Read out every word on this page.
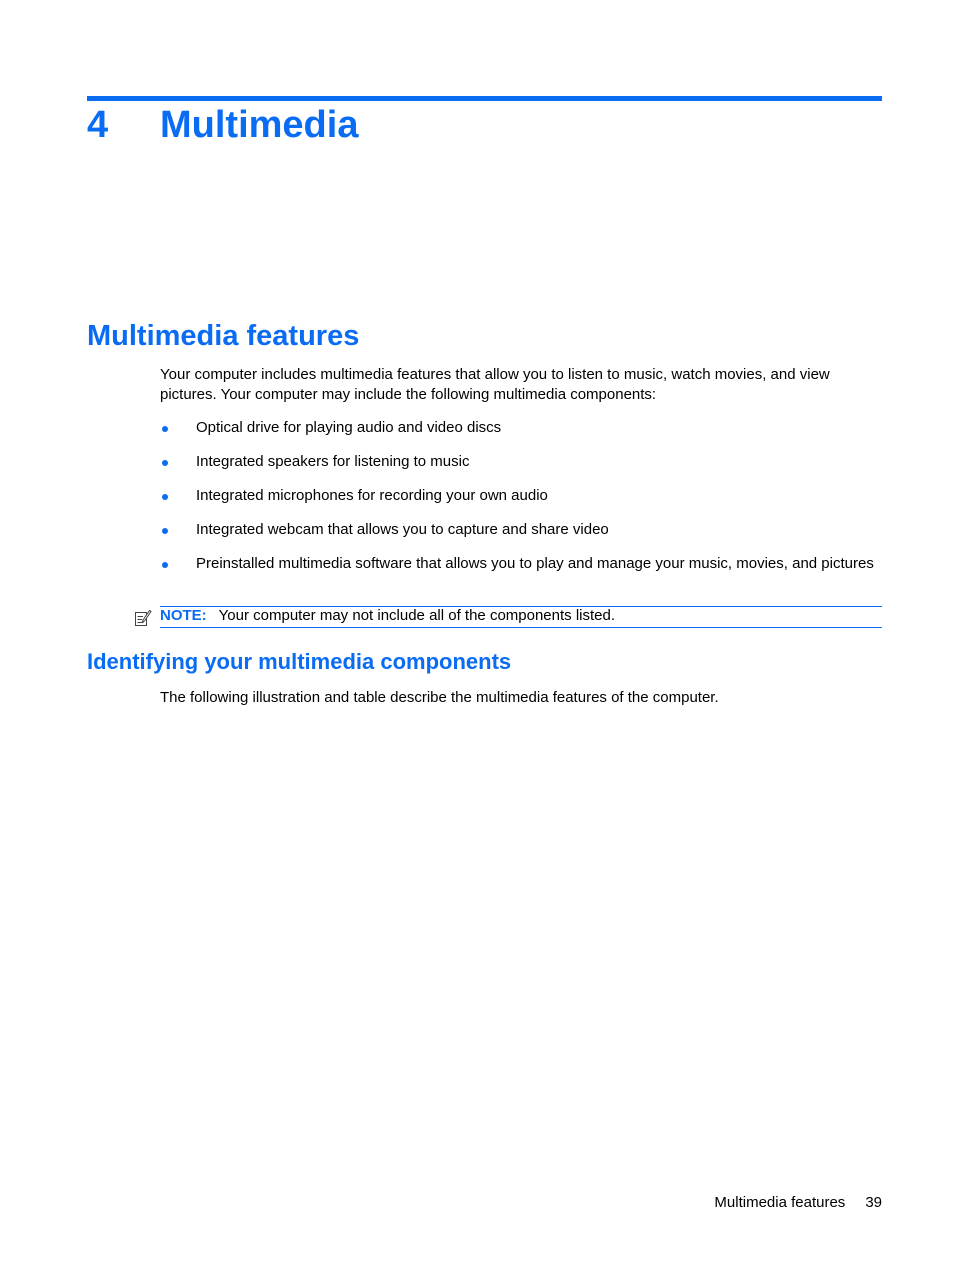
4 Multimedia
Multimedia features

Your computer includes multimedia features that allow you to listen to music, watch movies, and view pictures. Your computer may include the following multimedia components:

Optical drive for playing audio and video discs
Integrated speakers for listening to music
Integrated microphones for recording your own audio
Integrated webcam that allows you to capture and share video
Preinstalled multimedia software that allows you to play and manage your music, movies, and pictures
NOTE: Your computer may not include all of the components listed.
Identifying your multimedia components

The following illustration and table describe the multimedia features of the computer.

Multimedia features 39
